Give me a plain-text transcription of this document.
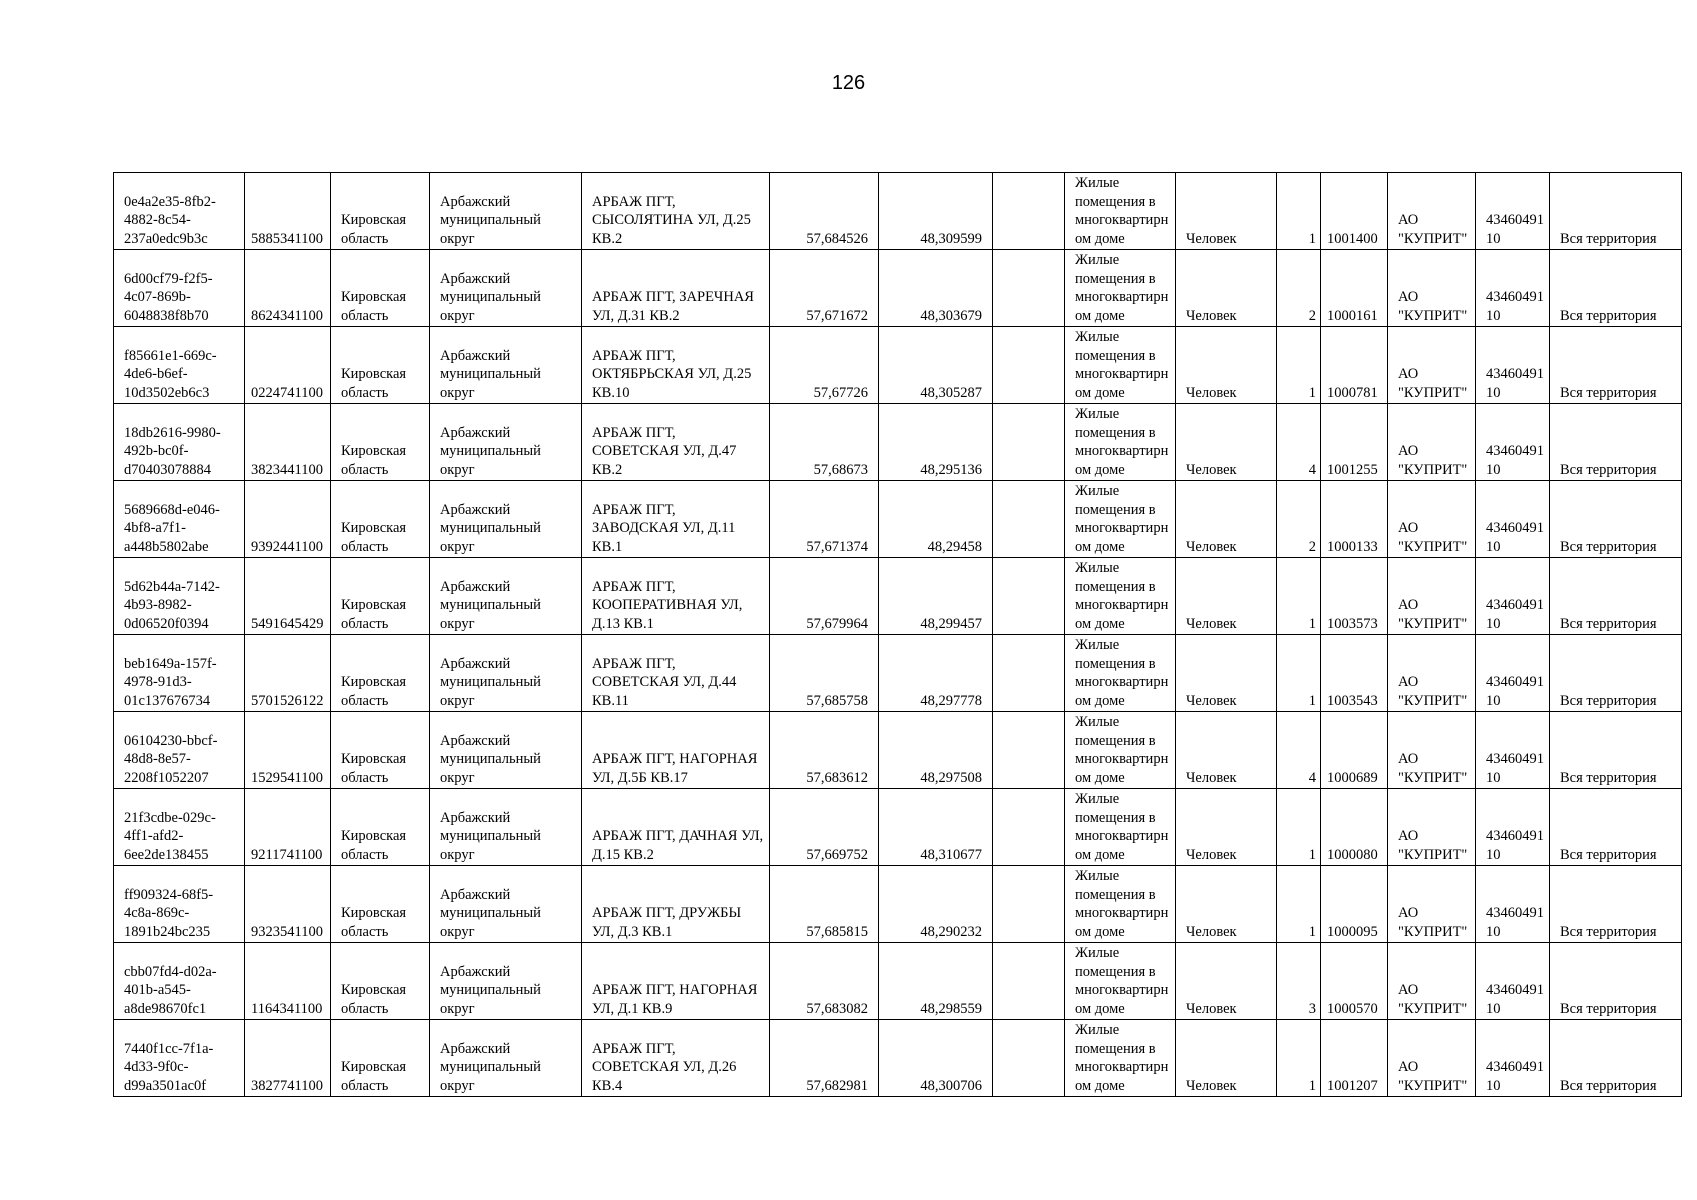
126
0e4a2e35-8fb2-4882-8c54-237a0edc9b3c	5885341100	Кировская область	Арбажский муниципальный округ	АРБАЖ ПГТ, СЫСОЛЯТИНА УЛ, Д.25 КВ.2	57,684526	48,309599		Жилые помещения в многоквартирном доме	Человек	1	1001400	АО "КУПРИТ"	4346049110	Вся территория
6d00cf79-f2f5-4c07-869b-6048838f8b70	8624341100	Кировская область	Арбажский муниципальный округ	АРБАЖ ПГТ, ЗАРЕЧНАЯ УЛ, Д.31 КВ.2	57,671672	48,303679		Жилые помещения в многоквартирном доме	Человек	2	1000161	АО "КУПРИТ"	4346049110	Вся территория
f85661e1-669c-4de6-b6ef-10d3502eb6c3	0224741100	Кировская область	Арбажский муниципальный округ	АРБАЖ ПГТ, ОКТЯБРЬСКАЯ УЛ, Д.25 КВ.10	57,67726	48,305287		Жилые помещения в многоквартирном доме	Человек	1	1000781	АО "КУПРИТ"	4346049110	Вся территория
18db2616-9980-492b-bc0f-d70403078884	3823441100	Кировская область	Арбажский муниципальный округ	АРБАЖ ПГТ, СОВЕТСКАЯ УЛ, Д.47 КВ.2	57,68673	48,295136		Жилые помещения в многоквартирном доме	Человек	4	1001255	АО "КУПРИТ"	4346049110	Вся территория
5689668d-e046-4bf8-a7f1-a448b5802abe	9392441100	Кировская область	Арбажский муниципальный округ	АРБАЖ ПГТ, ЗАВОДСКАЯ УЛ, Д.11 КВ.1	57,671374	48,29458		Жилые помещения в многоквартирном доме	Человек	2	1000133	АО "КУПРИТ"	4346049110	Вся территория
5d62b44a-7142-4b93-8982-0d06520f0394	5491645429	Кировская область	Арбажский муниципальный округ	АРБАЖ ПГТ, КООПЕРАТИВНАЯ УЛ, Д.13 КВ.1	57,679964	48,299457		Жилые помещения в многоквартирном доме	Человек	1	1003573	АО "КУПРИТ"	4346049110	Вся территория
beb1649a-157f-4978-91d3-01c137676734	5701526122	Кировская область	Арбажский муниципальный округ	АРБАЖ ПГТ, СОВЕТСКАЯ УЛ, Д.44 КВ.11	57,685758	48,297778		Жилые помещения в многоквартирном доме	Человек	1	1003543	АО "КУПРИТ"	4346049110	Вся территория
06104230-bbcf-48d8-8e57-2208f1052207	1529541100	Кировская область	Арбажский муниципальный округ	АРБАЖ ПГТ, НАГОРНАЯ УЛ, Д.5Б КВ.17	57,683612	48,297508		Жилые помещения в многоквартирном доме	Человек	4	1000689	АО "КУПРИТ"	4346049110	Вся территория
21f3cdbe-029c-4ff1-afd2-6ee2de138455	9211741100	Кировская область	Арбажский муниципальный округ	АРБАЖ ПГТ, ДАЧНАЯ УЛ, Д.15 КВ.2	57,669752	48,310677		Жилые помещения в многоквартирном доме	Человек	1	1000080	АО "КУПРИТ"	4346049110	Вся территория
ff909324-68f5-4c8a-869c-1891b24bc235	9323541100	Кировская область	Арбажский муниципальный округ	АРБАЖ ПГТ, ДРУЖБЫ УЛ, Д.3 КВ.1	57,685815	48,290232		Жилые помещения в многоквартирном доме	Человек	1	1000095	АО "КУПРИТ"	4346049110	Вся территория
cbb07fd4-d02a-401b-a545-a8de98670fc1	1164341100	Кировская область	Арбажский муниципальный округ	АРБАЖ ПГТ, НАГОРНАЯ УЛ, Д.1 КВ.9	57,683082	48,298559		Жилые помещения в многоквартирном доме	Человек	3	1000570	АО "КУПРИТ"	4346049110	Вся территория
7440f1cc-7f1a-4d33-9f0c-d99a3501ac0f	3827741100	Кировская область	Арбажский муниципальный округ	АРБАЖ ПГТ, СОВЕТСКАЯ УЛ, Д.26 КВ.4	57,682981	48,300706		Жилые помещения в многоквартирном доме	Человек	1	1001207	АО "КУПРИТ"	4346049110	Вся территория
